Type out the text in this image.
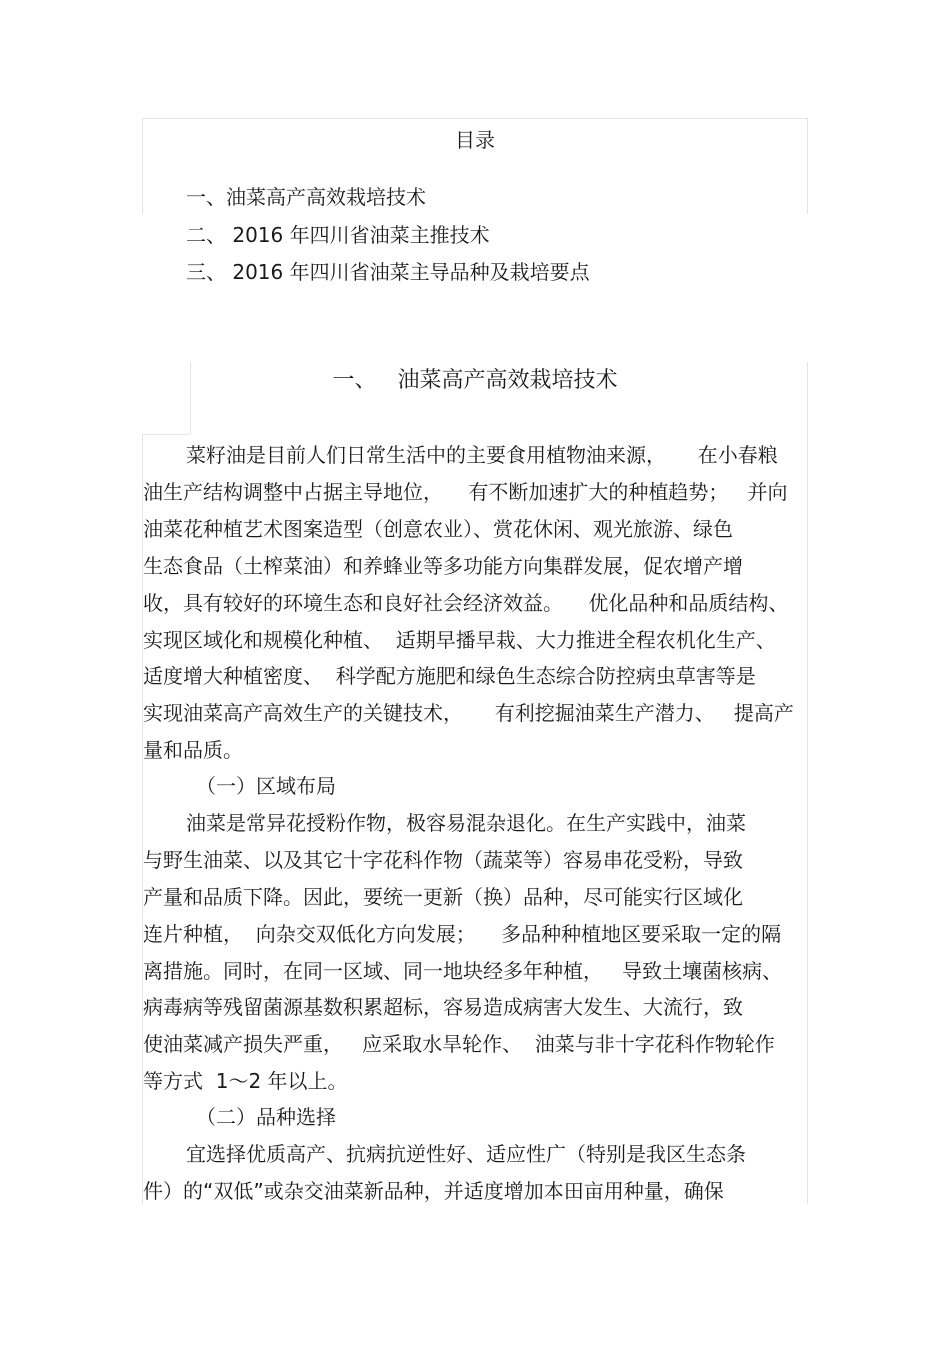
目录
一、油菜高产高效栽培技术
二、 2016 年四川省油菜主推技术
三、 2016 年四川省油菜主导品种及栽培要点
一、   油菜高产高效栽培技术
菜籽油是目前人们日常生活中的主要食用植物油来源，     在小春粮
油生产结构调整中占据主导地位，    有不断加速扩大的种植趋势；   并向
油菜花种植艺术图案造型（创意农业）、赏花休闲、观光旅游、绿色
生态食品（土榨菜油）和养蜂业等多功能方向集群发展，促农增产增
收，具有较好的环境生态和良好社会经济效益。    优化品种和品质结构、
实现区域化和规模化种植、  适期早播早栽、大力推进全程农机化生产、
适度增大种植密度、  科学配方施肥和绿色生态综合防控病虫草害等是
实现油菜高产高效生产的关键技术，     有利挖掘油菜生产潜力、   提高产
量和品质。
（一）区域布局
油菜是常异花授粉作物，极容易混杂退化。在生产实践中，油菜
与野生油菜、以及其它十字花科作物（蔬菜等）容易串花受粉，导致
产量和品质下降。因此，要统一更新（换）品种，尽可能实行区域化
连片种植，  向杂交双低化方向发展；    多品种种植地区要采取一定的隔
离措施。同时，在同一区域、同一地块经多年种植，   导致土壤菌核病、
病毒病等残留菌源基数积累超标，容易造成病害大发生、大流行，致
使油菜减产损失严重，   应采取水旱轮作、  油菜与非十字花科作物轮作
等方式  1～2 年以上。
（二）品种选择
宜选择优质高产、抗病抗逆性好、适应性广（特别是我区生态条
件）的“双低”或杂交油菜新品种，并适度增加本田亩用种量，确保
